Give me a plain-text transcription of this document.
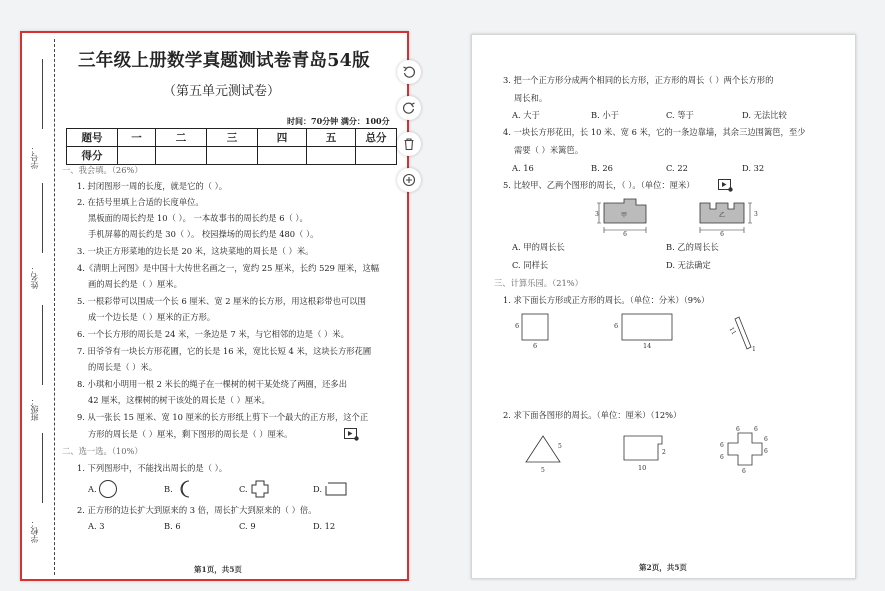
学号：
姓名：
班级：
学校：
三年级上册数学真题测试卷青岛54版
（第五单元测试卷）
时间：70分钟 满分：100分
题号	一	二	三	四	五	总分
得分						
一、我会填。（26%）
1. 封闭图形一周的长度，就是它的（ ）。
2. 在括号里填上合适的长度单位。
黑板面的周长约是 10（ ）。 一本故事书的周长约是 6（ ）。
手机屏幕的周长约是 30（ ）。 校园操场的周长约是 480（ ）。
3. 一块正方形菜地的边长是 20 米，这块菜地的周长是（ ）米。
4.《清明上河图》是中国十大传世名画之一，宽约 25 厘米，长约 529 厘米，这幅
画的周长约是（ ）厘米。
5. 一根彩带可以围成一个长 6 厘米、宽 2 厘米的长方形，用这根彩带也可以围
成一个边长是（ ）厘米的正方形。
6. 一个长方形的周长是 24 米，一条边是 7 米，与它相邻的边是（ ）米。
7. 田爷爷有一块长方形花圃，它的长是 16 米，宽比长短 4 米，这块长方形花圃
的周长是（ ）米。
8. 小琪和小明用一根 2 米长的绳子在一棵树的树干某处绕了两圈，还多出
42 厘米，这棵树的树干该处的周长是（ ）厘米。
9. 从一张长 15 厘米、宽 10 厘米的长方形纸上剪下一个最大的正方形，这个正
方形的周长是（ ）厘米，剩下图形的周长是（ ）厘米。
二、选一选。（10%）
1. 下列图形中，不能找出周长的是（ ）。
A.	B.	C.	D.
2. 正方形的边长扩大到原来的 3 倍，周长扩大到原来的（ ）倍。
A. 3	B. 6	C. 9	D. 12
第1页，共5页
3. 把一个正方形分成两个相同的长方形，正方形的周长（ ）两个长方形的
周长和。
A. 大于	B. 小于	C. 等于	D. 无法比较
4. 一块长方形花田，长 10 米、宽 6 米，它的一条边靠墙，其余三边围篱笆，至少
需要（ ）米篱笆。
A. 16	B. 26	C. 22	D. 32
5. 比较甲、乙两个图形的周长，（ ）。（单位：厘米）
甲
6
3	乙
6
3
A. 甲的周长长	B. 乙的周长长
C. 同样长	D. 无法确定
三、计算乐园。（21%）
1. 求下面长方形或正方形的周长。（单位：分米）（9%）
6
6
6
14
11
1
2. 求下面各图形的周长。（单位：厘米）（12%）
5
5	10
2
6 6
6
6
6
6
6
第2页，共5页
